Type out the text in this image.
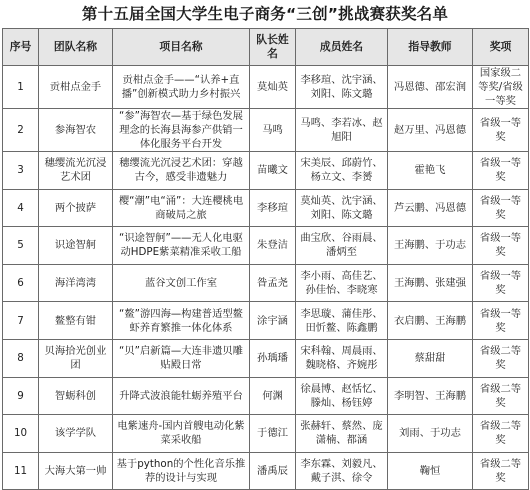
第十五届全国大学生电子商务“三创”挑战赛获奖名单
序号	团队名称	项目名称	队长姓名	成员姓名	指导教师	奖项
1	贡柑点金手	贡柑点金手——“认养+直播”创新模式助力乡村振兴	莫灿英	李移瑄、沈宇涵、刘阳、陈文璐	冯恩德、邵宏润	国家级二等奖/省级一等奖
2	参海智农	“参”海智农—基于绿色发展理念的长海县海参产供销一体化服务平台开发	马鸣	马鸣、李若冰、赵旭阳	赵万里、冯恩德	省级一等奖
3	穗缨流光沉浸艺术团	穗缨流光沉浸艺术团：穿越古今，感受非遗魅力	苗曦文	宋美辰、邱蔚竹、杨立文、李赟	霍艳飞	省级一等奖
4	两个披萨	樱“潮”电“涌”：大连樱桃电商破局之旅	李移瑄	莫灿英、沈宇涵、刘阳、陈文璐	芦云鹏、冯恩德	省级一等奖
5	识途智舸	“识途智舸”——无人化电驱动HDPE紫菜精准采收工船	朱登洁	曲宝欣、谷雨晨、潘炳至	王海鹏、于功志	省级一等奖
6	海洋湾湾	蓝谷文创工作室	昝孟尧	李小雨、高佳艺、孙佳怡、李晓寒	王海鹏、张建强	省级一等奖
7	鳌整有钳	“鳌”游四海—构建普适型鳌虾养育繁推一体化体系	涂宇涵	李思璇、蒲佳彤、田忻鳌、陈鑫鹏	衣启鹏、王海鹏	省级一等奖
8	贝海拾光创业团	“贝”启新篇—大连非遗贝雕贴殿日常	孙瑀璠	宋科翰、周晨雨、魏晓格、齐婉彤	蔡甜甜	省级二等奖
9	智蛎科创	升降式波浪能牡蛎养殖平台	何渊	徐晨博、赵恬忆、滕灿、杨钰婷	李明智、王海鹏	省级二等奖
10	该学学队	电紫速舟-国内首艘电动化紫菜采收船	于德江	张赫轩、蔡然、庞潇楠、都涵	刘雨、于功志	省级二等奖
11	大海大第一帅	基于python的个性化音乐推荐的设计与实现	潘禹辰	李东霖、刘毅凡、戴子淇、徐令	鞠恒	省级二等奖
